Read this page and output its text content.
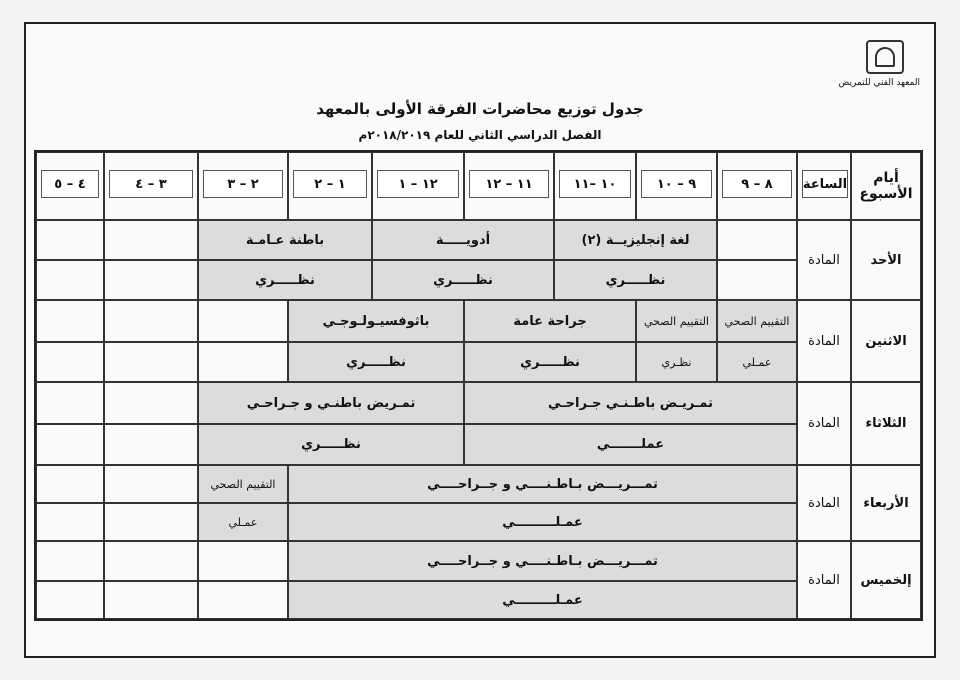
المعهد الفني للتمريض
جدول توزيع محاضرات الفرقة الأولى بالمعهد
الفصل الدراسي الثاني للعام ٢٠١٨/٢٠١٩م
أيام الأسبوع
الساعة
٨ – ٩
٩ – ١٠
١٠ –١١
١١ – ١٢
١٢ – ١
١ – ٢
٢ – ٣
٣ – ٤
٤ – ٥
الأحد
المادة
لغة إنجليزيــة (٢)
نظـــــري
أدويـــــة
نظـــــري
باطنة عـامـة
نظـــــري
الاثنين
المادة
التقييم الصحي
عمـلي
التقييم الصحي
نظـري
جراحة عامة
نظـــــري
باثوفسيـولـوجـي
نظـــــري
الثلاثاء
المادة
تمـريـض باطـنـي جـراحـي
عملـــــــي
تمـريض باطنـي و جـراحـي
نظـــــري
الأربعاء
المادة
تمـــريـــض بـاطـنــــي و جــراحــــي
عمـلـــــــــي
التقييم الصحي
عمـلي
إلخميس
المادة
تمـــريـــض بـاطـنــــي و جــراحــــي
عمـلـــــــــي
